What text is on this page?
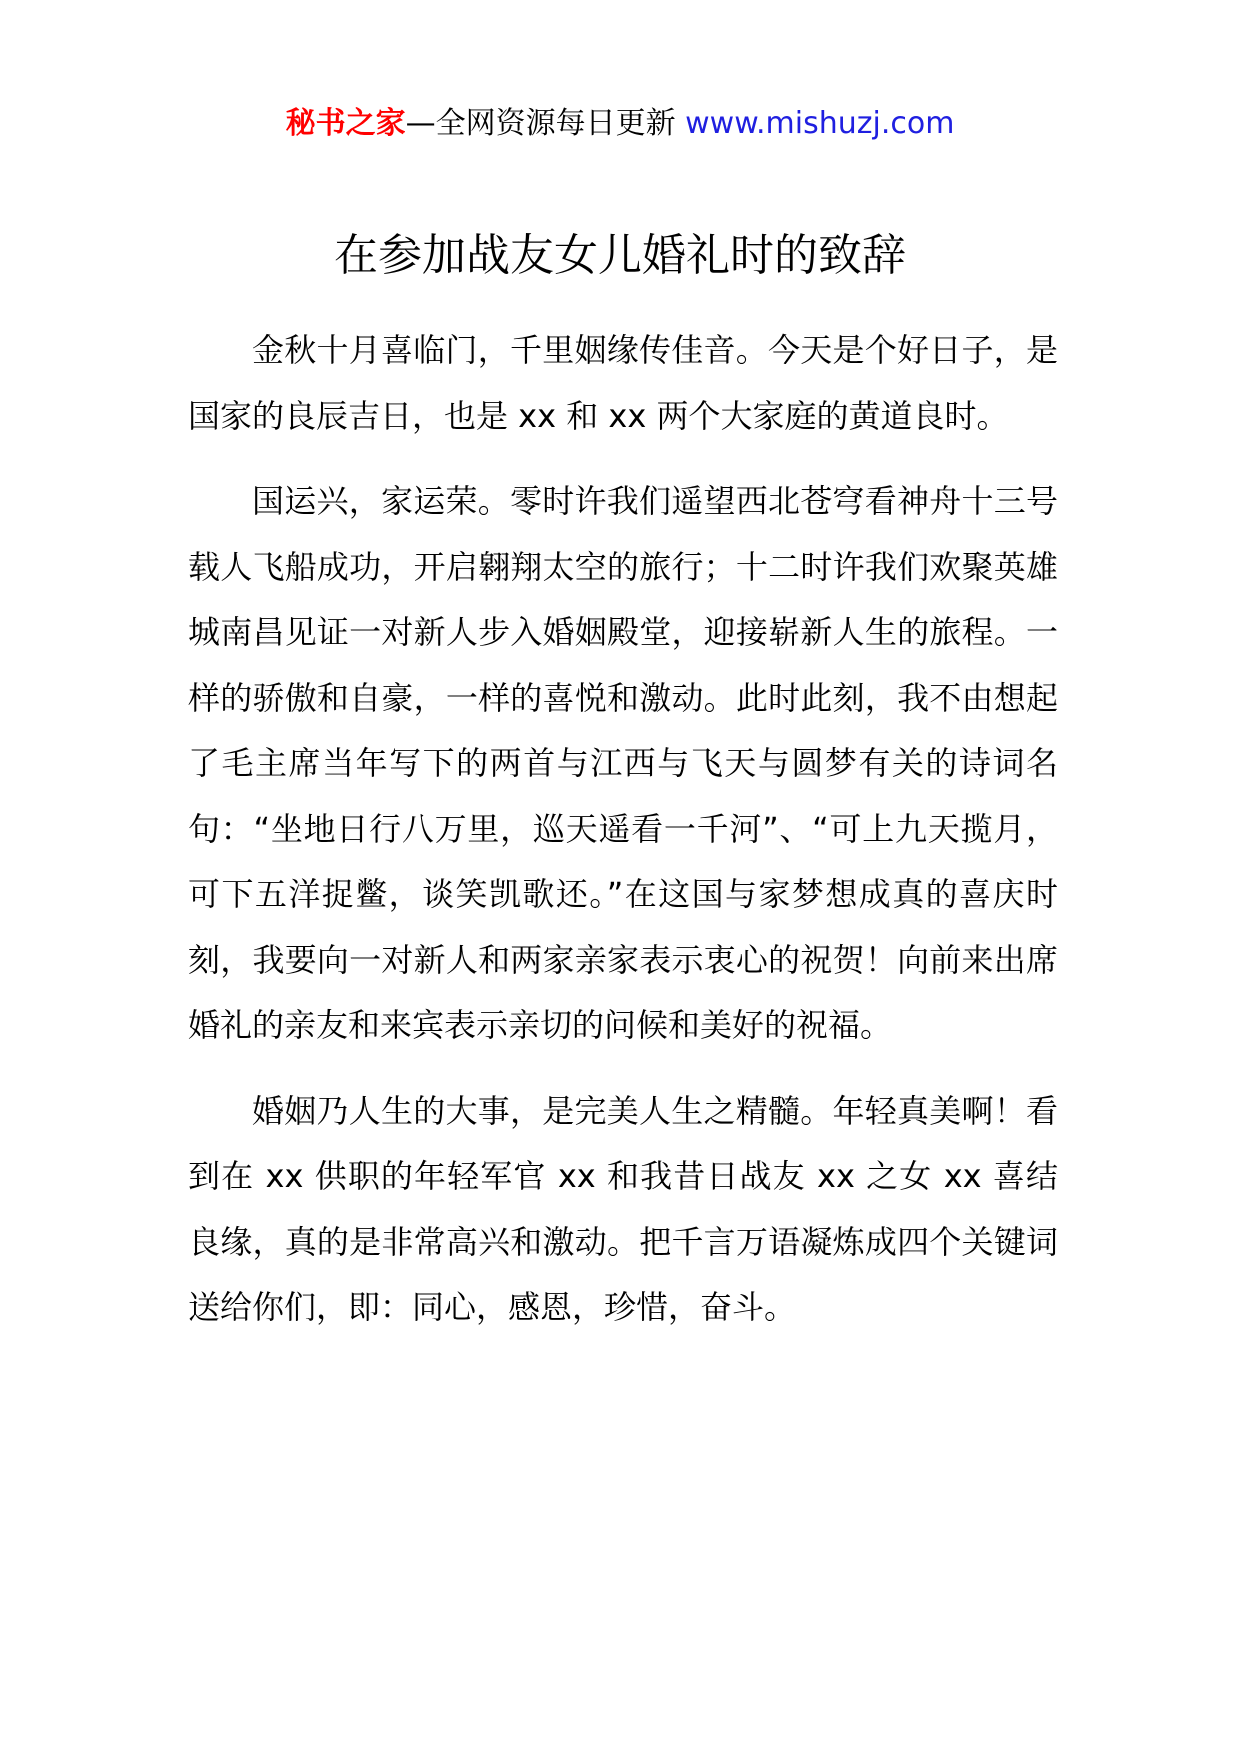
秘书之家—全网资源每日更新 www.mishuzj.com
在参加战友女儿婚礼时的致辞

金秋十月喜临门，千里姻缘传佳音。今天是个好日子，是国家的良辰吉日，也是 xx 和 xx 两个大家庭的黄道良时。

国运兴，家运荣。零时许我们遥望西北苍穹看神舟十三号载人飞船成功，开启翱翔太空的旅行；十二时许我们欢聚英雄城南昌见证一对新人步入婚姻殿堂，迎接崭新人生的旅程。一样的骄傲和自豪，一样的喜悦和激动。此时此刻，我不由想起了毛主席当年写下的两首与江西与飞天与圆梦有关的诗词名句：“坐地日行八万里，巡天遥看一千河”、“可上九天揽月，可下五洋捉鳖，谈笑凯歌还。”在这国与家梦想成真的喜庆时刻，我要向一对新人和两家亲家表示衷心的祝贺！向前来出席婚礼的亲友和来宾表示亲切的问候和美好的祝福。

婚姻乃人生的大事，是完美人生之精髓。年轻真美啊！看到在 xx 供职的年轻军官 xx 和我昔日战友 xx 之女 xx 喜结良缘，真的是非常高兴和激动。把千言万语凝炼成四个关键词送给你们，即：同心，感恩，珍惜，奋斗。
